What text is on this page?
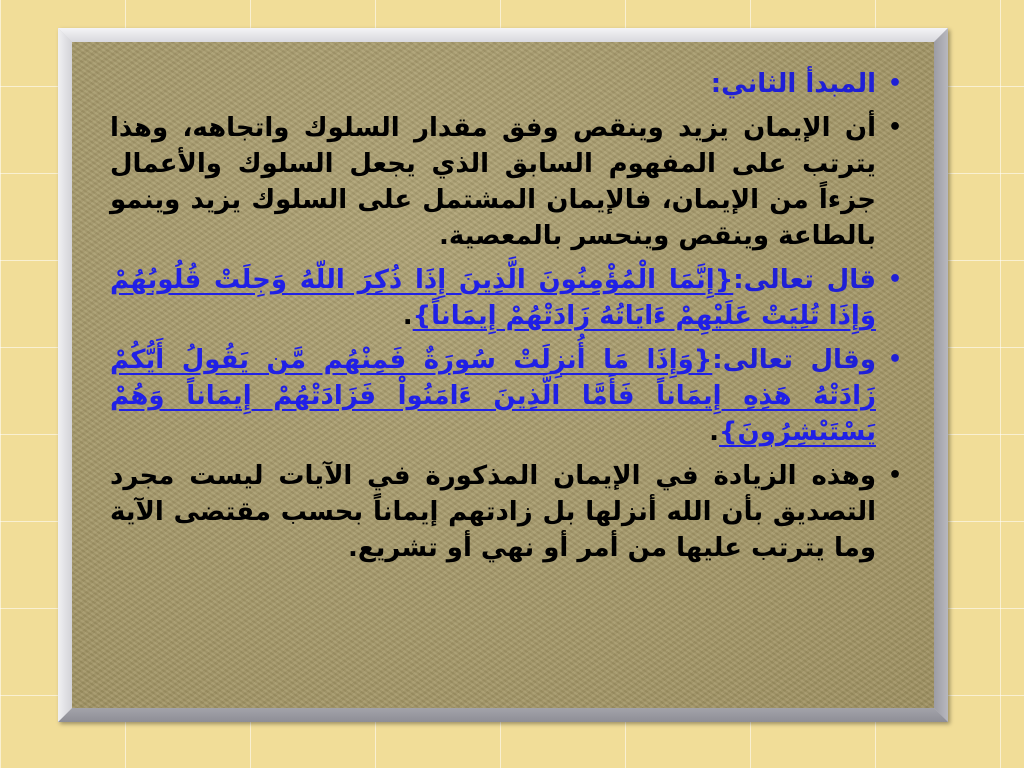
•
المبدأ الثاني:
•
أن الإيمان يزيد وينقص وفق مقدار السلوك واتجاهه، وهذا يترتب على المفهوم السابق الذي يجعل السلوك والأعمال جزءاً من الإيمان، فالإيمان المشتمل على السلوك يزيد وينمو بالطاعة وينقص وينحسر بالمعصية.
•
قال تعالى:{إِنَّمَا الْمُؤْمِنُونَ الَّذِينَ إِذَا ذُكِرَ اللّهُ وَجِلَتْ قُلُوبُهُمْ وَإِذَا تُلِيَتْ عَلَيْهِمْ ءَايَاتُهُ زَادَتْهُمْ إِيمَاناً}.
•
وقال تعالى:{وَإِذَا مَا أُنزِلَتْ سُورَةٌ فَمِنْهُم مَّن يَقُولُ أَيُّكُمْ زَادَتْهُ هَذِهِ إِيمَاناً فَأَمَّا الَّذِينَ ءَامَنُواْ فَزَادَتْهُمْ إِيمَاناً وَهُمْ يَسْتَبْشِرُونَ}.
•
وهذه الزيادة في الإيمان المذكورة في الآيات ليست مجرد التصديق بأن الله أنزلها بل زادتهم إيماناً بحسب مقتضى الآية وما يترتب عليها من أمر أو نهي أو تشريع.
